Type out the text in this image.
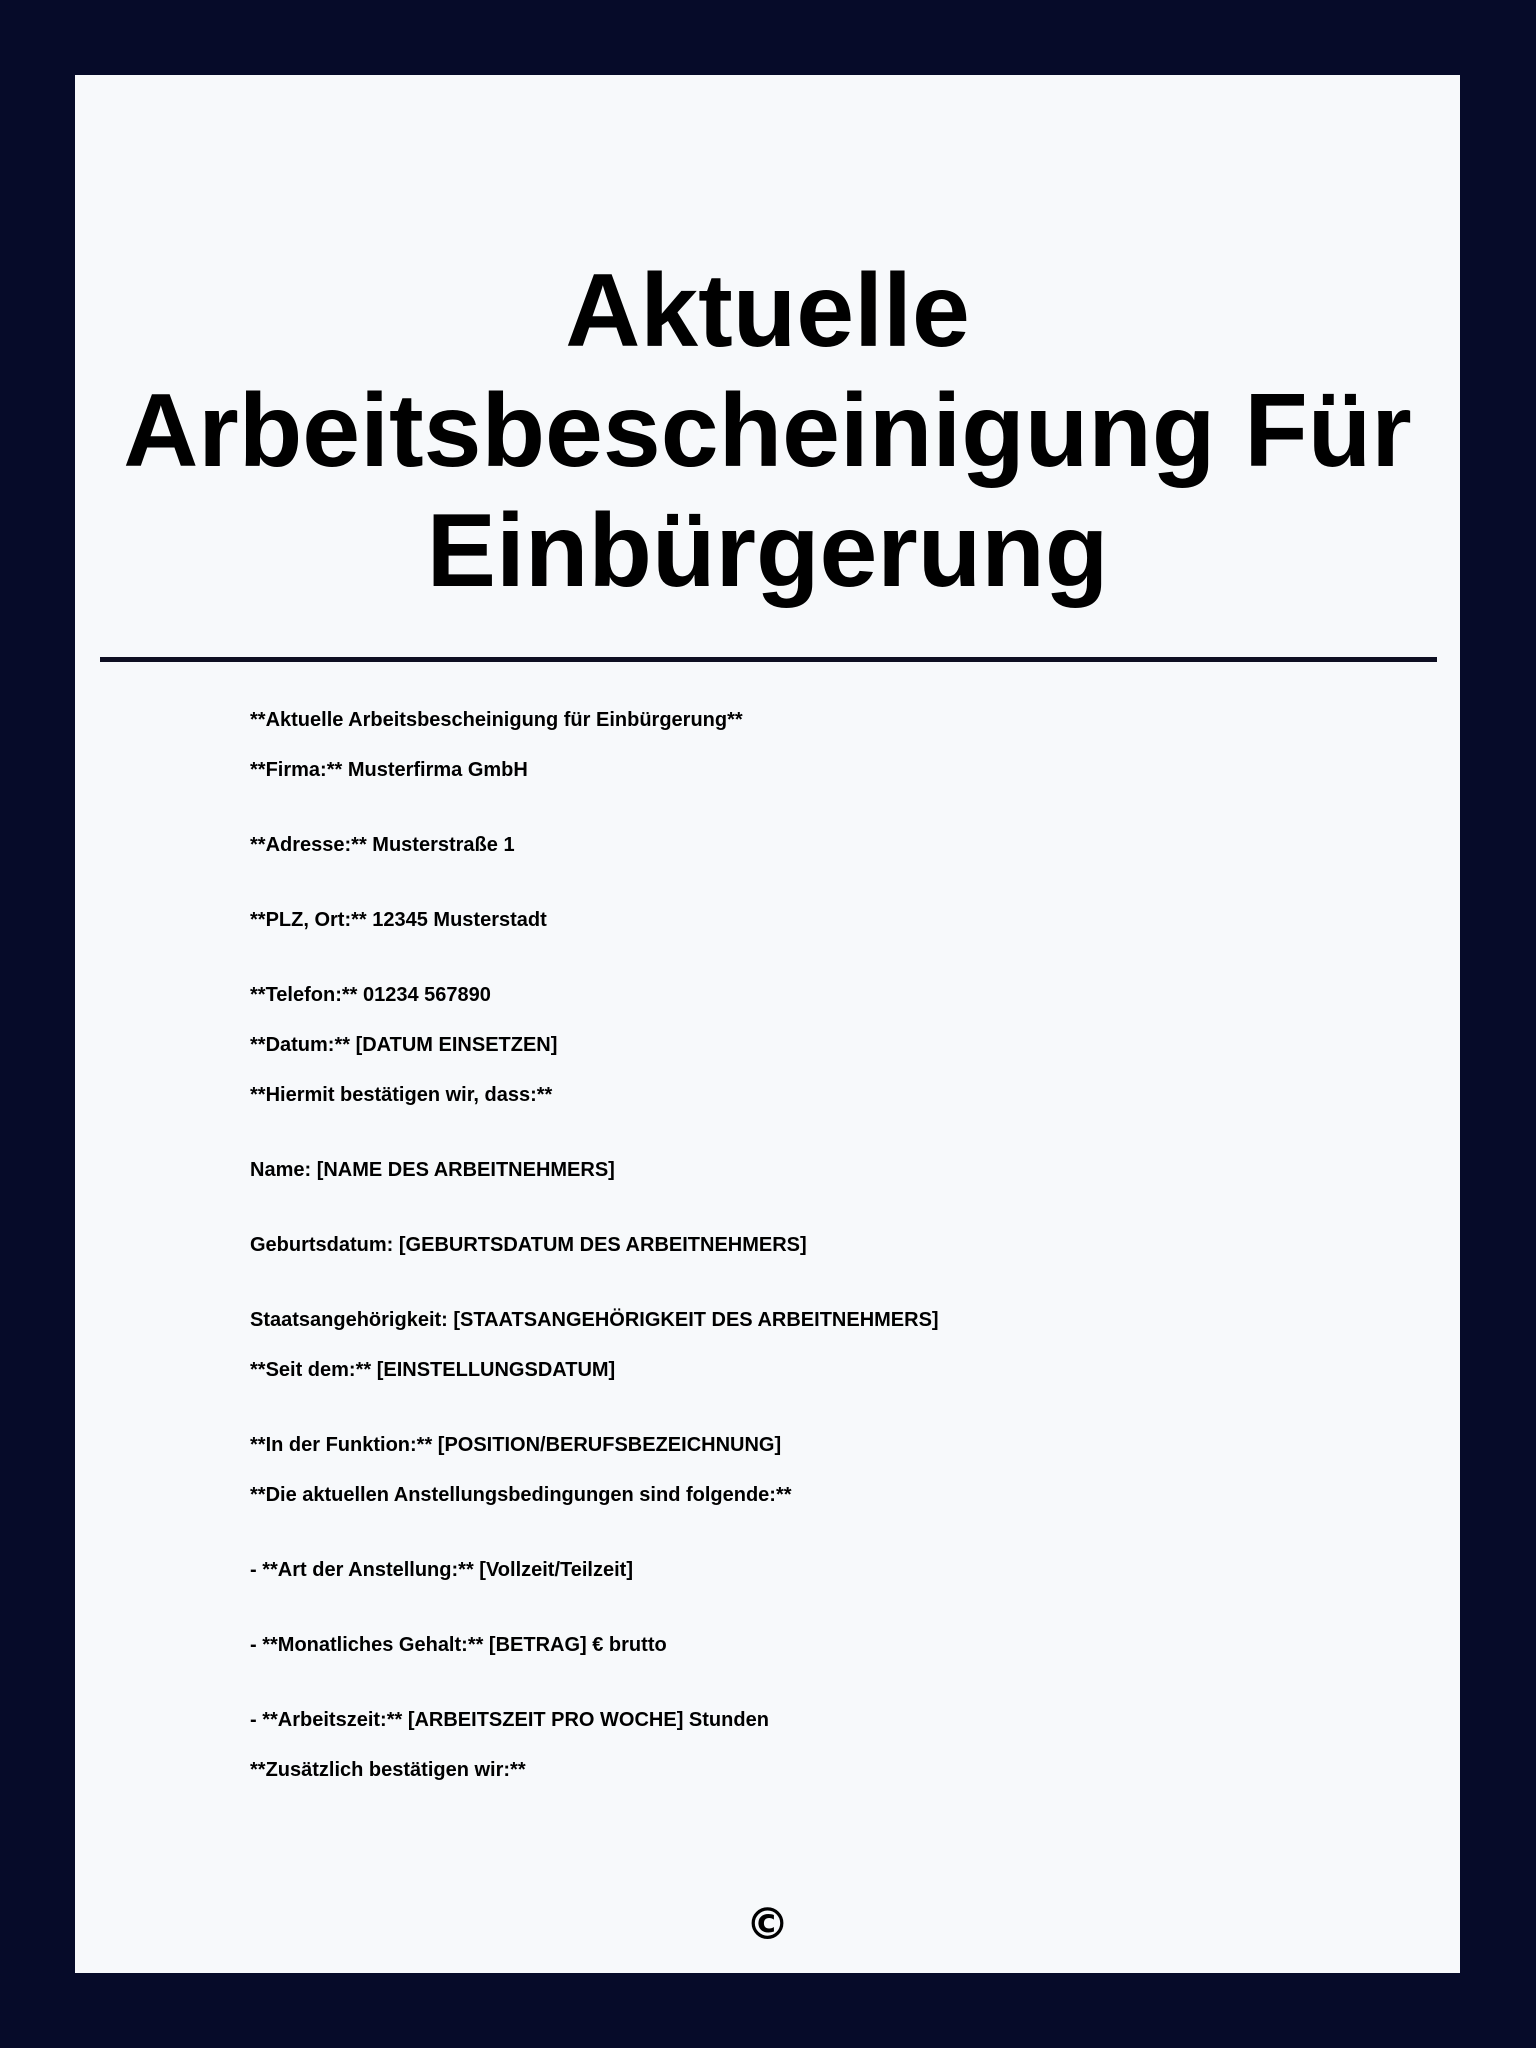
Aktuelle
Arbeitsbescheinigung Für
Einbürgerung
**Aktuelle Arbeitsbescheinigung für Einbürgerung**
**Firma:** Musterfirma GmbH
**Adresse:** Musterstraße 1
**PLZ, Ort:** 12345 Musterstadt
**Telefon:** 01234 567890
**Datum:** [DATUM EINSETZEN]
**Hiermit bestätigen wir, dass:**
Name: [NAME DES ARBEITNEHMERS]
Geburtsdatum: [GEBURTSDATUM DES ARBEITNEHMERS]
Staatsangehörigkeit: [STAATSANGEHÖRIGKEIT DES ARBEITNEHMERS]
**Seit dem:** [EINSTELLUNGSDATUM]
**In der Funktion:** [POSITION/BERUFSBEZEICHNUNG]
**Die aktuellen Anstellungsbedingungen sind folgende:**
- **Art der Anstellung:** [Vollzeit/Teilzeit]
- **Monatliches Gehalt:** [BETRAG] € brutto
- **Arbeitszeit:** [ARBEITSZEIT PRO WOCHE] Stunden
**Zusätzlich bestätigen wir:**
©
